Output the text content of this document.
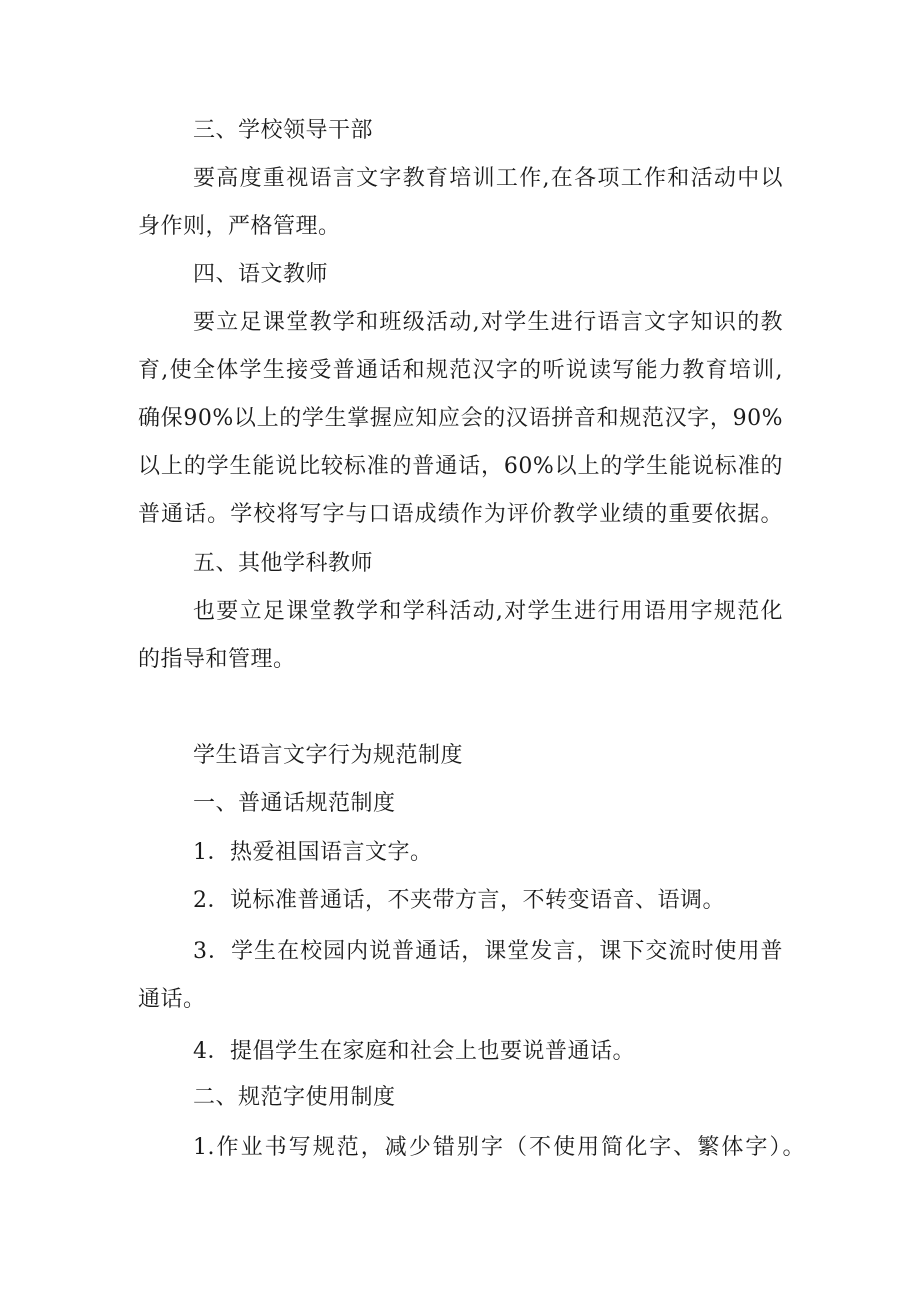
三、学校领导干部

要高度重视语言文字教育培训工作,在各项工作和活动中以

身作则，严格管理。

四、语文教师

要立足课堂教学和班级活动,对学生进行语言文字知识的教

育,使全体学生接受普通话和规范汉字的听说读写能力教育培训,

确保90%以上的学生掌握应知应会的汉语拼音和规范汉字，90%

以上的学生能说比较标准的普通话，60%以上的学生能说标准的

普通话。学校将写字与口语成绩作为评价教学业绩的重要依据。

五、其他学科教师

也要立足课堂教学和学科活动,对学生进行用语用字规范化

的指导和管理。

学生语言文字行为规范制度

一、普通话规范制度

1．热爱祖国语言文字。

2．说标准普通话，不夹带方言，不转变语音、语调。

3．学生在校园内说普通话，课堂发言，课下交流时使用普

通话。

4．提倡学生在家庭和社会上也要说普通话。

二、规范字使用制度

1.作业书写规范，减少错别字（不使用简化字、繁体字）。
